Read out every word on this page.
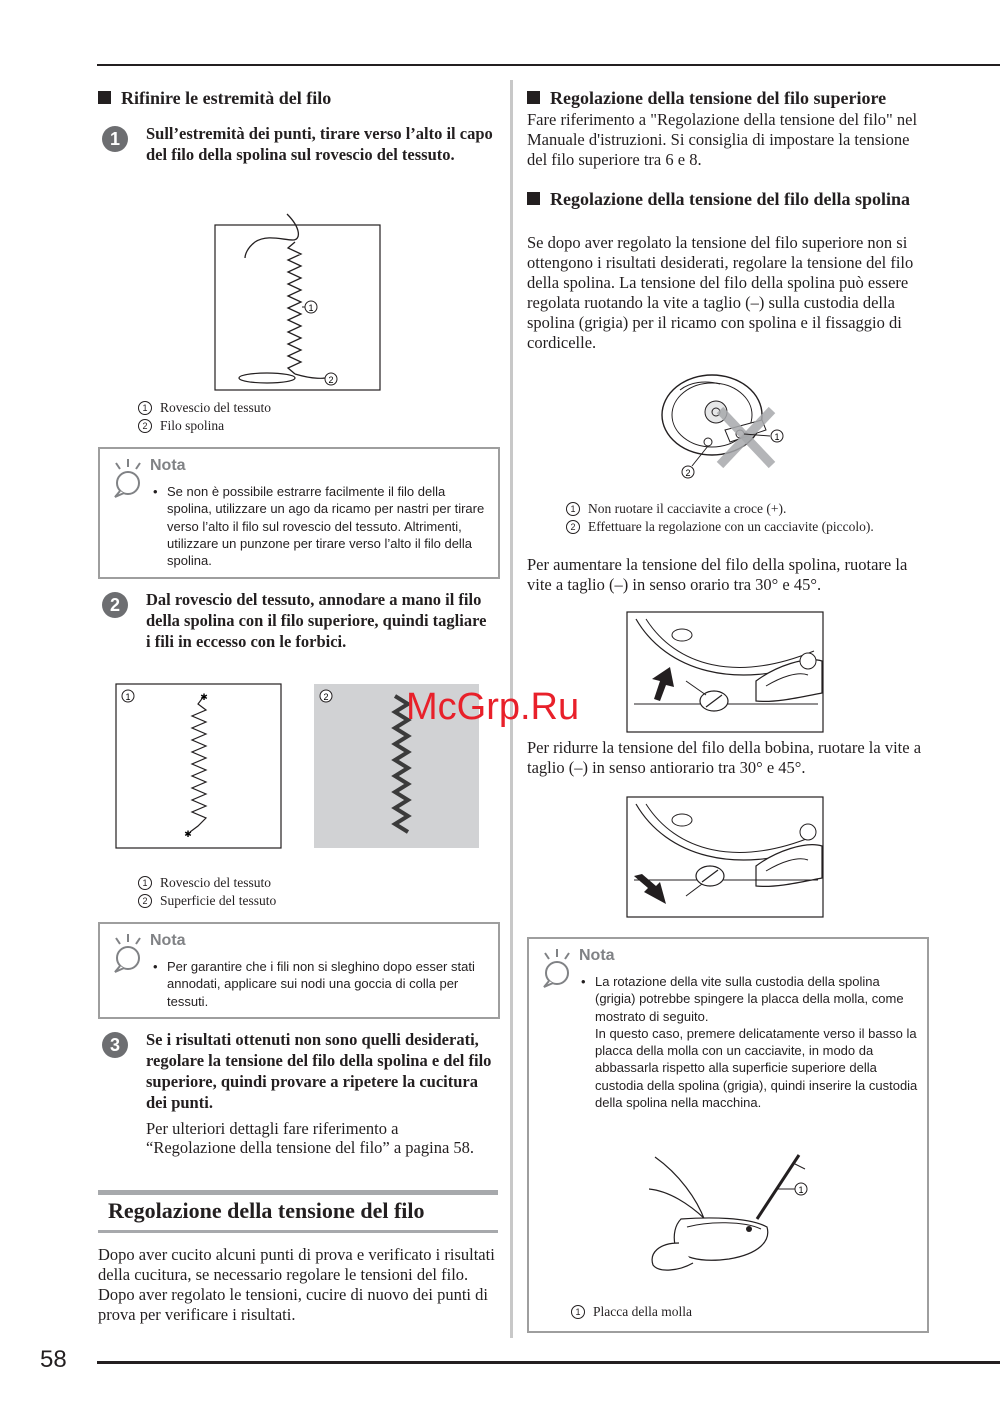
58
Rifinire le estremità del filo
1	Sull’estremità dei punti, tirare verso l’alto il capo del filo della spolina sul rovescio del tessuto.
1
2
1 Rovescio del tessuto
2 Filo spolina
Nota
• Se non è possibile estrarre facilmente il filo della spolina, utilizzare un ago da ricamo per nastri per tirare verso l’alto il filo sul rovescio del tessuto. Altrimenti, utilizzare un punzone per tirare verso l’alto il filo della spolina.
2	Dal rovescio del tessuto, annodare a mano il filo della spolina con il filo superiore, quindi tagliare i fili in eccesso con le forbici.
1	✱
✱
2
1 Rovescio del tessuto
2 Superficie del tessuto
Nota
• Per garantire che i fili non si sleghino dopo esser stati annodati, applicare sui nodi una goccia di colla per tessuti.
3	Se i risultati ottenuti non sono quelli desiderati, regolare la tensione del filo della spolina e del filo superiore, quindi provare a ripetere la cucitura dei punti.
Per ulteriori dettagli fare riferimento a “Regolazione della tensione del filo” a pagina 58.
Regolazione della tensione del filo
Dopo aver cucito alcuni punti di prova e verificato i risultati della cucitura, se necessario regolare le tensioni del filo. Dopo aver regolato le tensioni, cucire di nuovo dei punti di prova per verificare i risultati.
Regolazione della tensione del filo superiore
Fare riferimento a "Regolazione della tensione del filo" nel Manuale d'istruzioni. Si consiglia di impostare la tensione del filo superiore tra 6 e 8.
Regolazione della tensione del filo della spolina
Se dopo aver regolato la tensione del filo superiore non si ottengono i risultati desiderati, regolare la tensione del filo della spolina. La tensione del filo della spolina può essere regolata ruotando la vite a taglio (–) sulla custodia della spolina (grigia) per il ricamo con spolina e il fissaggio di cordicelle.
1
2
1 Non ruotare il cacciavite a croce (+).
2 Effettuare la regolazione con un cacciavite (piccolo).
Per aumentare la tensione del filo della spolina, ruotare la vite a taglio (–) in senso orario tra 30° e 45°.
Per ridurre la tensione del filo della bobina, ruotare la vite a taglio (–) in senso antiorario tra 30° e 45°.
Nota
• La rotazione della vite sulla custodia della spolina (grigia) potrebbe spingere la placca della molla, come mostrato di seguito.
In questo caso, premere delicatamente verso il basso la placca della molla con un cacciavite, in modo da abbassarla rispetto alla superficie superiore della custodia della spolina (grigia), quindi inserire la custodia della spolina nella macchina.
1
1 Placca della molla
McGrp.Ru
